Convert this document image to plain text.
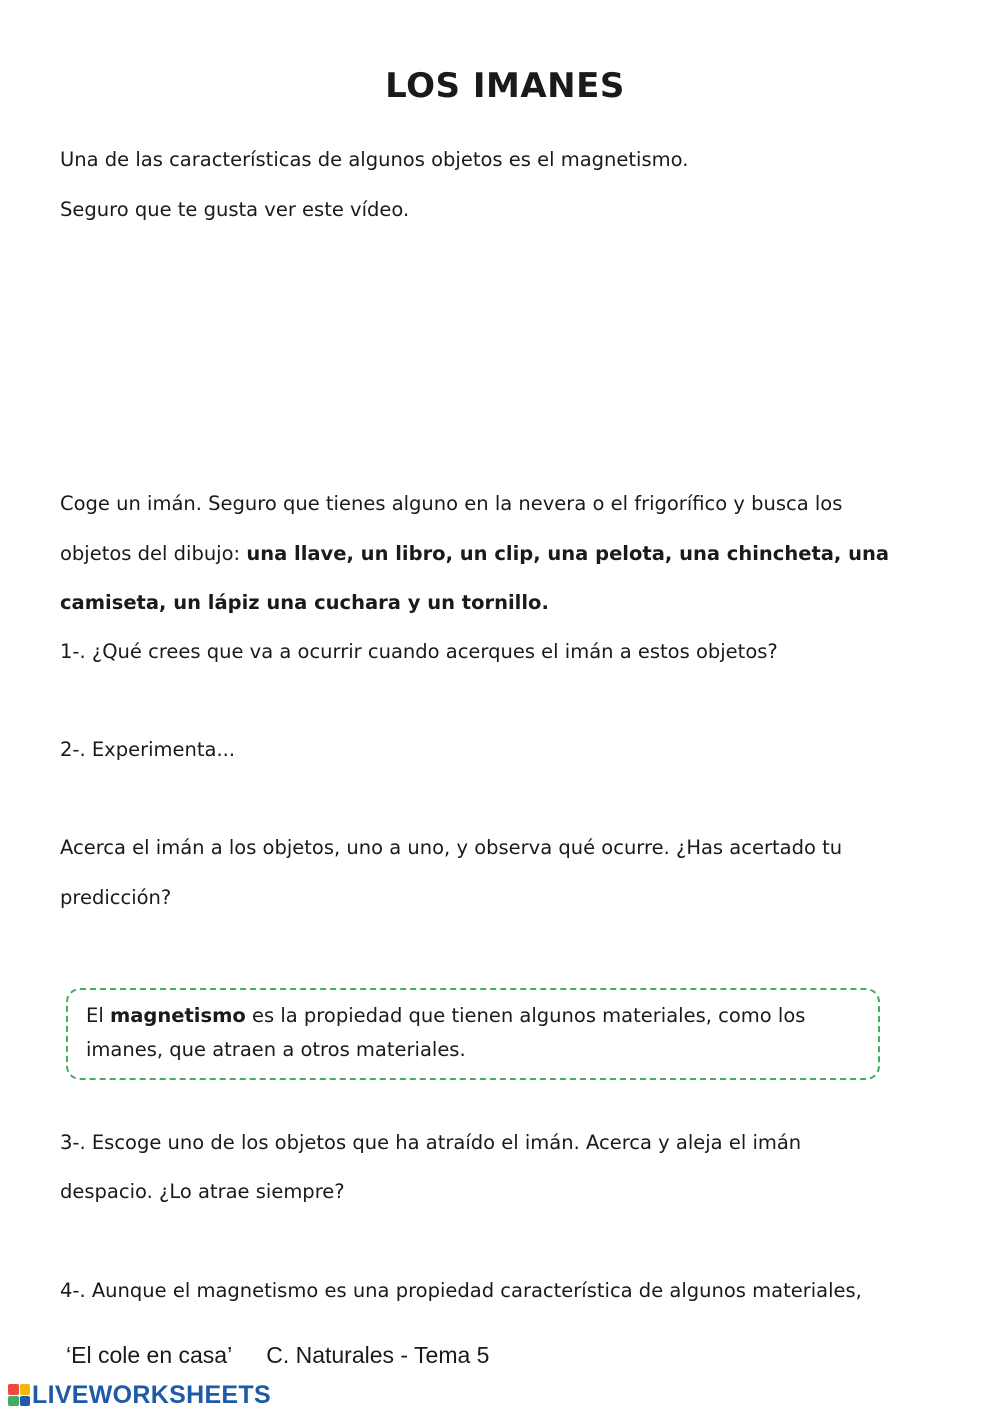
LOS IMANES
Una de las características de algunos objetos es el magnetismo.
Seguro que te gusta ver este vídeo.
Coge un imán. Seguro que tienes alguno en la nevera o el frigorífico y busca los
objetos del dibujo: una llave, un libro, un clip, una pelota, una chincheta, una
camiseta, un lápiz una cuchara y un tornillo.
1-. ¿Qué crees que va a ocurrir cuando acerques el imán a estos objetos?
2-. Experimenta...
Acerca el imán a los objetos, uno a uno, y observa qué ocurre. ¿Has acertado tu
predicción?
El magnetismo es la propiedad que tienen algunos materiales, como los
imanes, que atraen a otros materiales.
3-. Escoge uno de los objetos que ha atraído el imán. Acerca y aleja el imán
despacio. ¿Lo atrae siempre?
4-. Aunque el magnetismo es una propiedad característica de algunos materiales,
‘El cole en casa’ C. Naturales - Tema 5
LIVEWORKSHEETS
